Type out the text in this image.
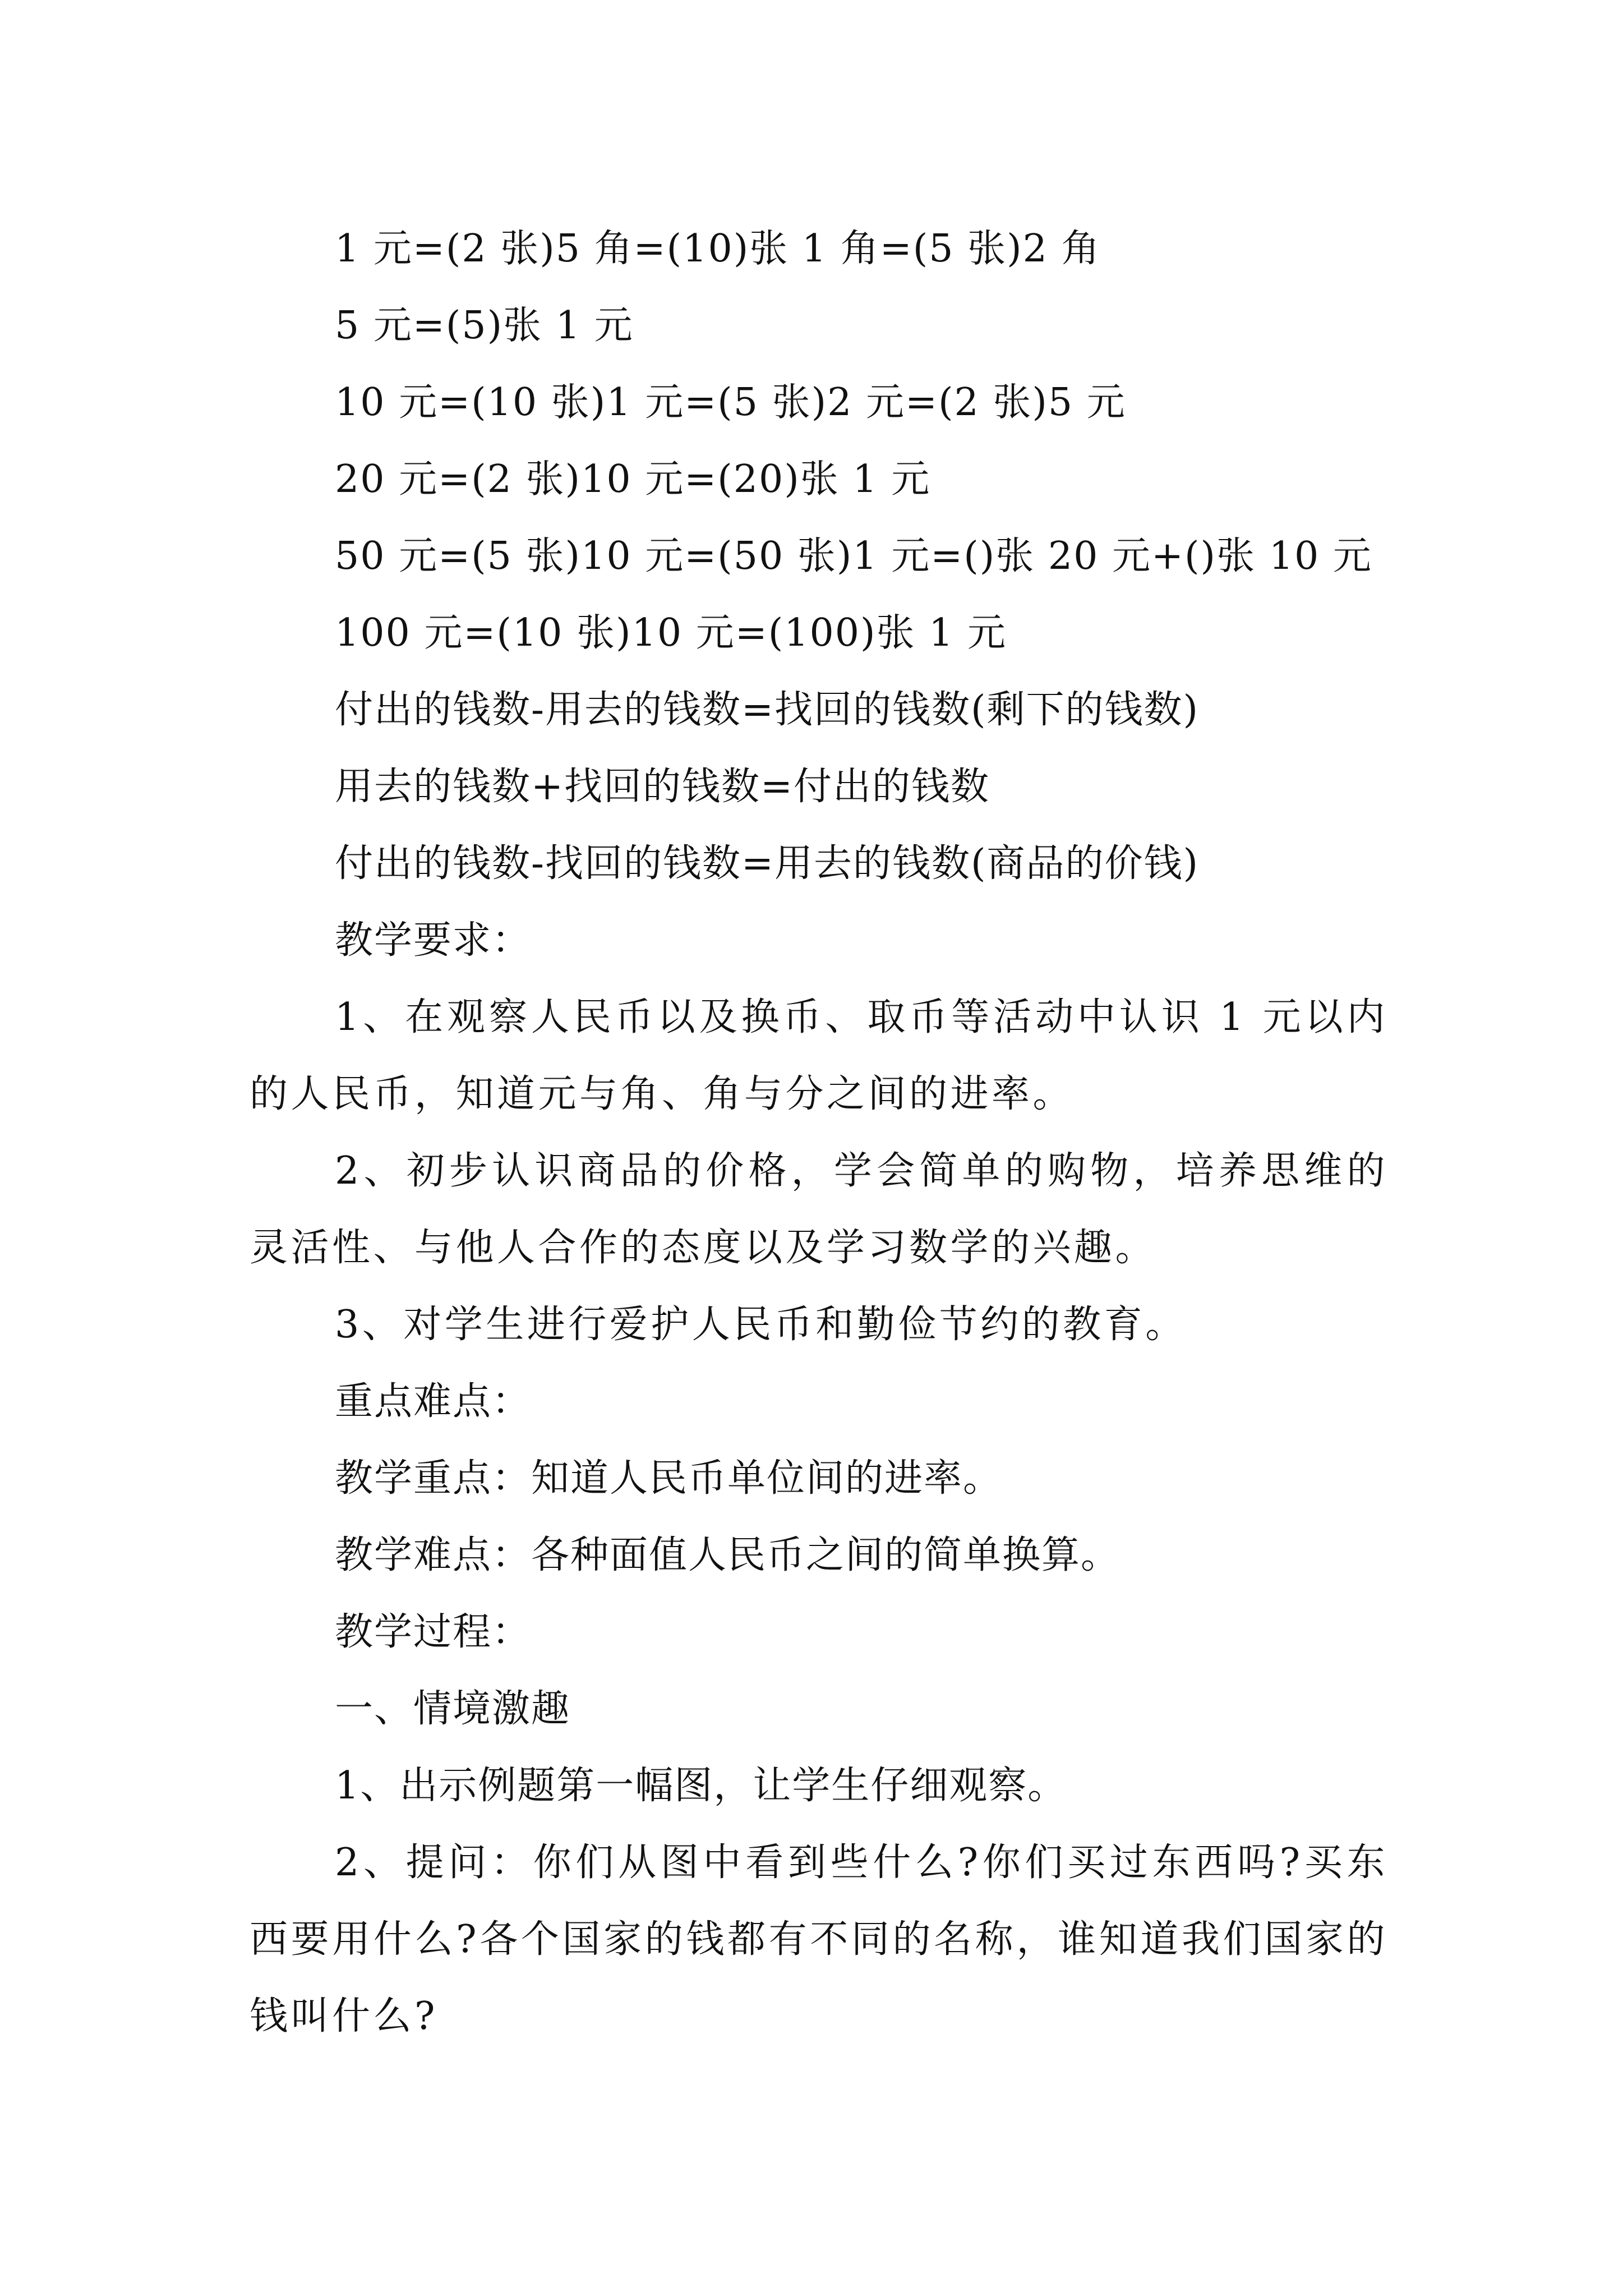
1 元=(2 张)5 角=(10)张 1 角=(5 张)2 角
5 元=(5)张 1 元
10 元=(10 张)1 元=(5 张)2 元=(2 张)5 元
20 元=(2 张)10 元=(20)张 1 元
50 元=(5 张)10 元=(50 张)1 元=()张 20 元+()张 10 元
100 元=(10 张)10 元=(100)张 1 元
付出的钱数-用去的钱数=找回的钱数(剩下的钱数)
用去的钱数+找回的钱数=付出的钱数
付出的钱数-找回的钱数=用去的钱数(商品的价钱)
教学要求：
1、在观察人民币以及换币、取币等活动中认识 1 元以内的人民币，知道元与角、角与分之间的进率。
2、初步认识商品的价格，学会简单的购物，培养思维的灵活性、与他人合作的态度以及学习数学的兴趣。
3、对学生进行爱护人民币和勤俭节约的教育。
重点难点：
教学重点：知道人民币单位间的进率。
教学难点：各种面值人民币之间的简单换算。
教学过程：
一、情境激趣
1、出示例题第一幅图，让学生仔细观察。
2、提问：你们从图中看到些什么?你们买过东西吗?买东西要用什么?各个国家的钱都有不同的名称，谁知道我们国家的钱叫什么?
